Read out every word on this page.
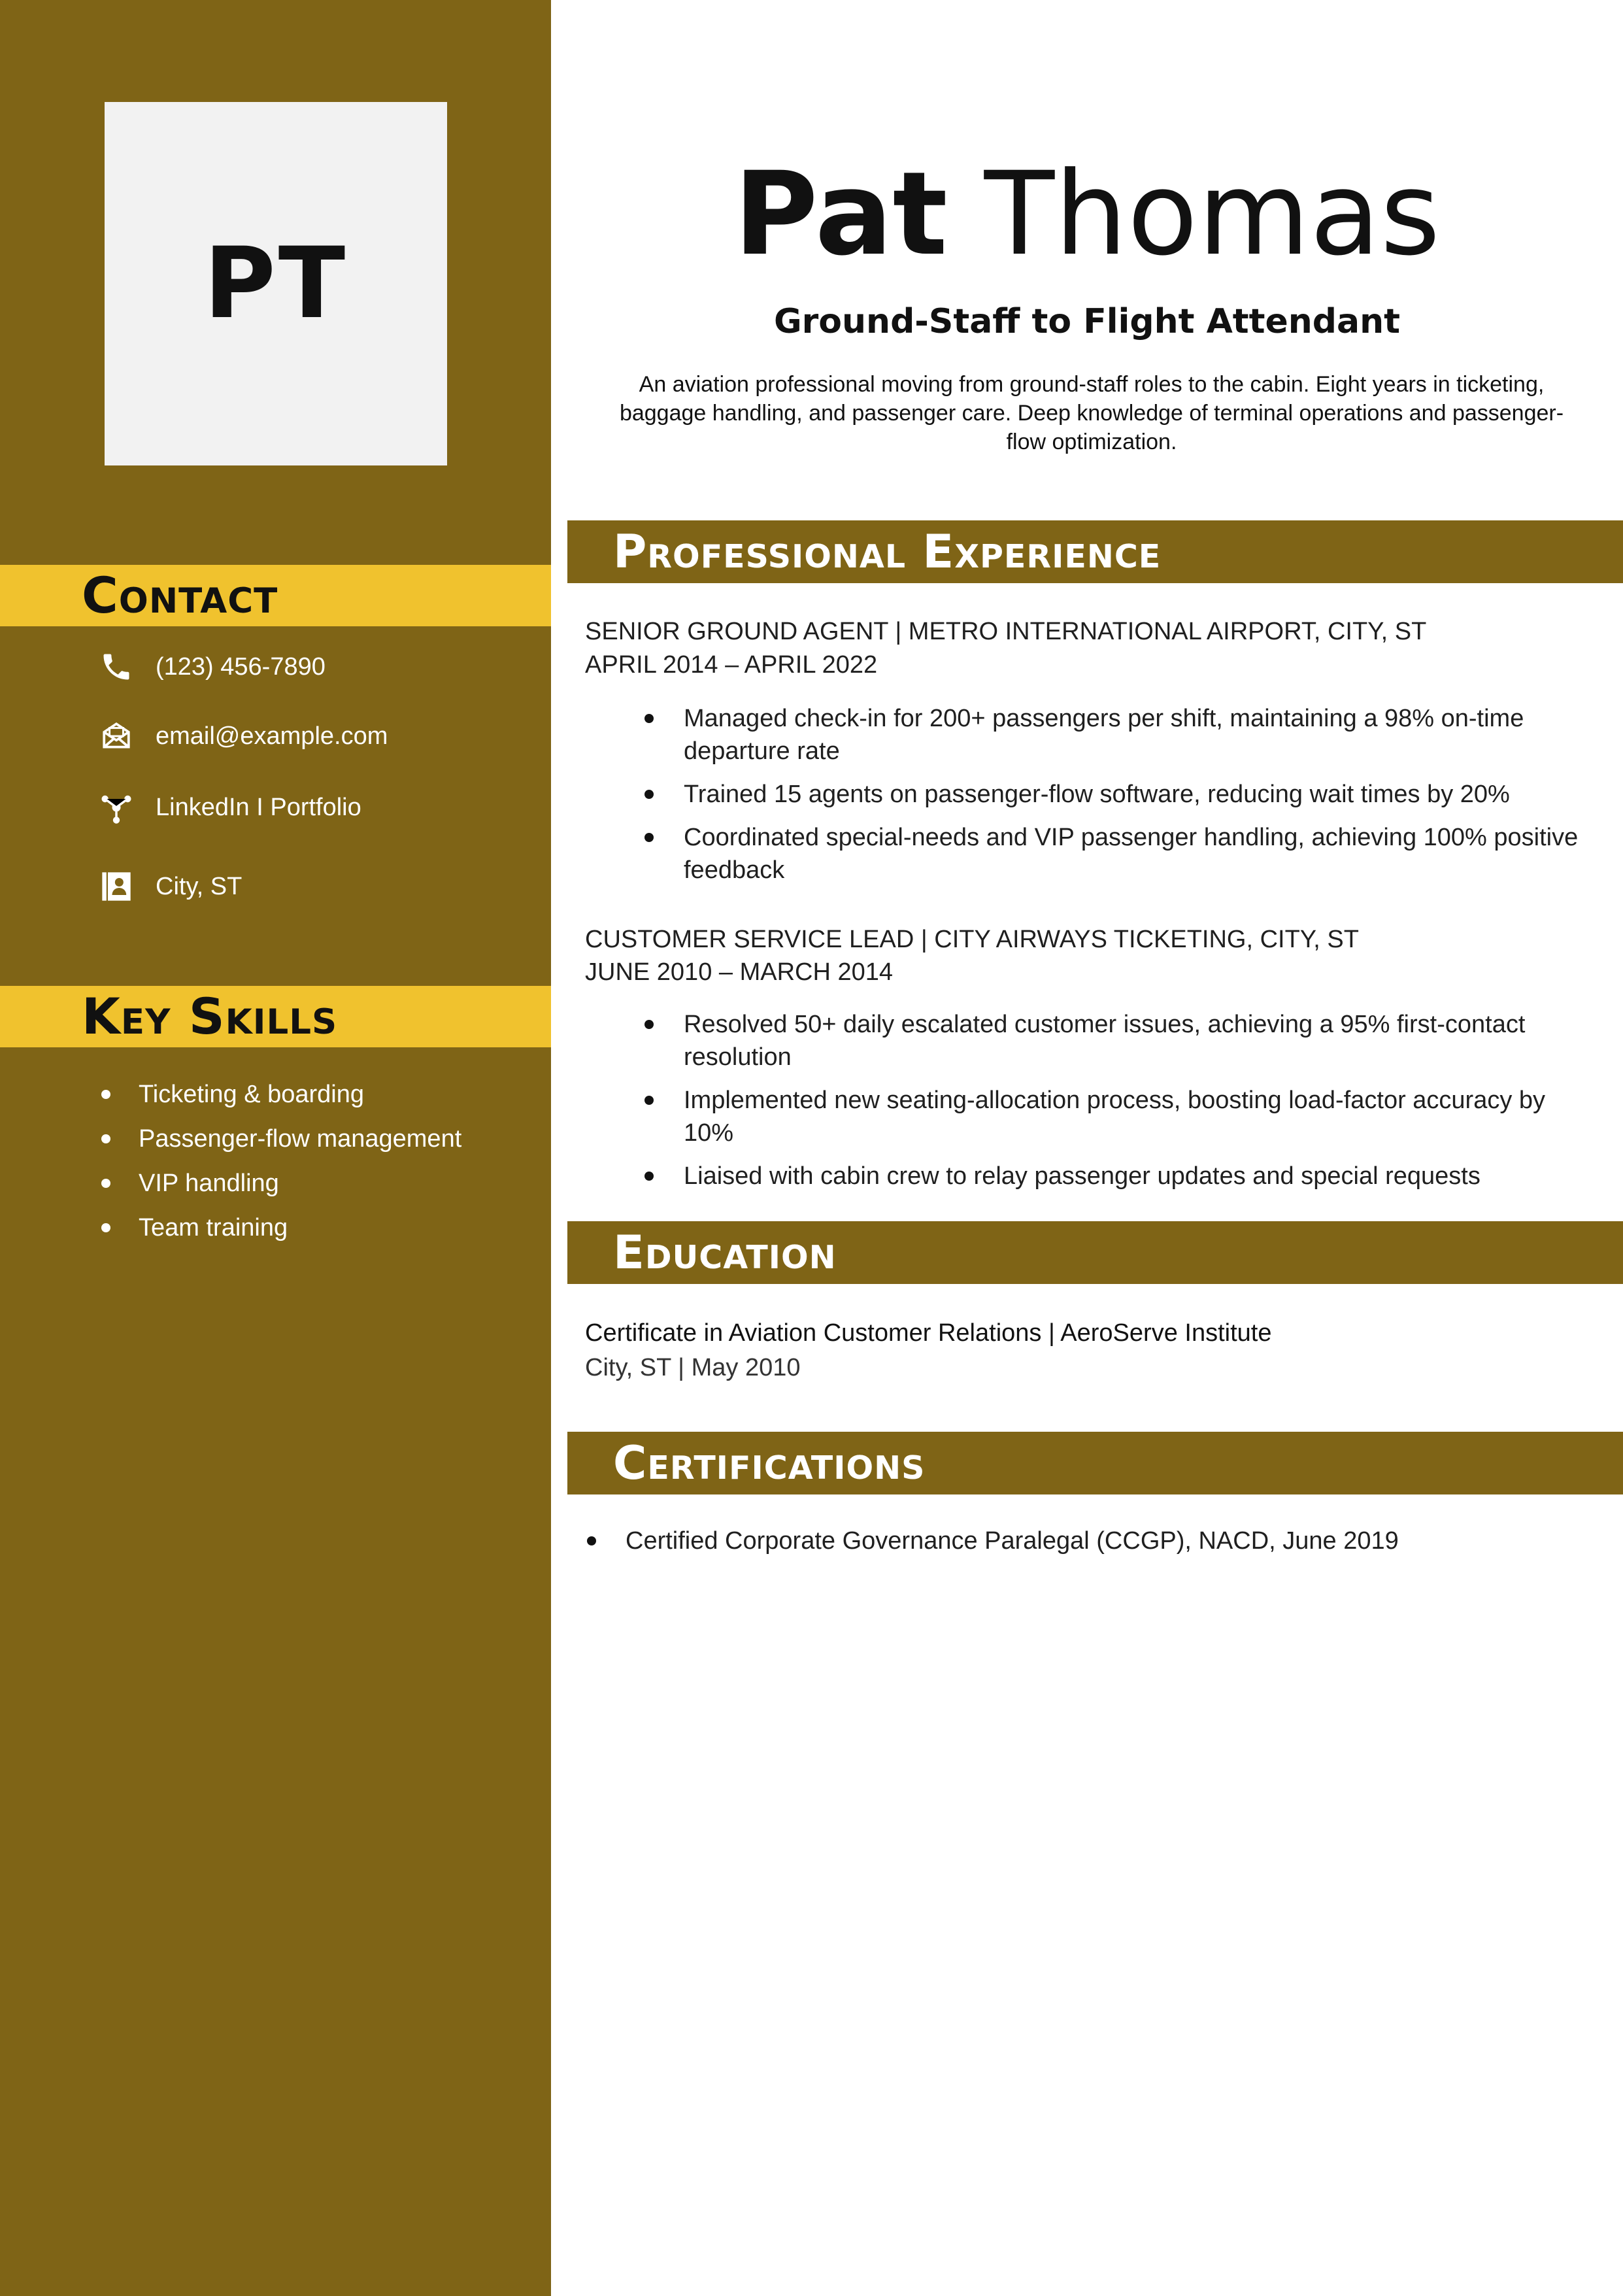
PT
Contact
(123) 456-7890
email@example.com
LinkedIn I Portfolio
City, ST
Key Skills
Ticketing & boarding
Passenger-flow management
VIP handling
Team training
Pat Thomas
Ground-Staff to Flight Attendant
An aviation professional moving from ground-staff roles to the cabin. Eight years in ticketing, baggage handling, and passenger care. Deep knowledge of terminal operations and passenger-flow optimization.
Professional Experience
SENIOR GROUND AGENT | METRO INTERNATIONAL AIRPORT, CITY, ST
APRIL 2014 – APRIL 2022
Managed check-in for 200+ passengers per shift, maintaining a 98% on-time departure rate
Trained 15 agents on passenger-flow software, reducing wait times by 20%
Coordinated special-needs and VIP passenger handling, achieving 100% positive feedback
CUSTOMER SERVICE LEAD | CITY AIRWAYS TICKETING, CITY, ST
JUNE 2010 – MARCH 2014
Resolved 50+ daily escalated customer issues, achieving a 95% first-contact resolution
Implemented new seating-allocation process, boosting load-factor accuracy by 10%
Liaised with cabin crew to relay passenger updates and special requests
Education
Certificate in Aviation Customer Relations | AeroServe Institute
City, ST | May 2010
Certifications
Certified Corporate Governance Paralegal (CCGP), NACD, June 2019
